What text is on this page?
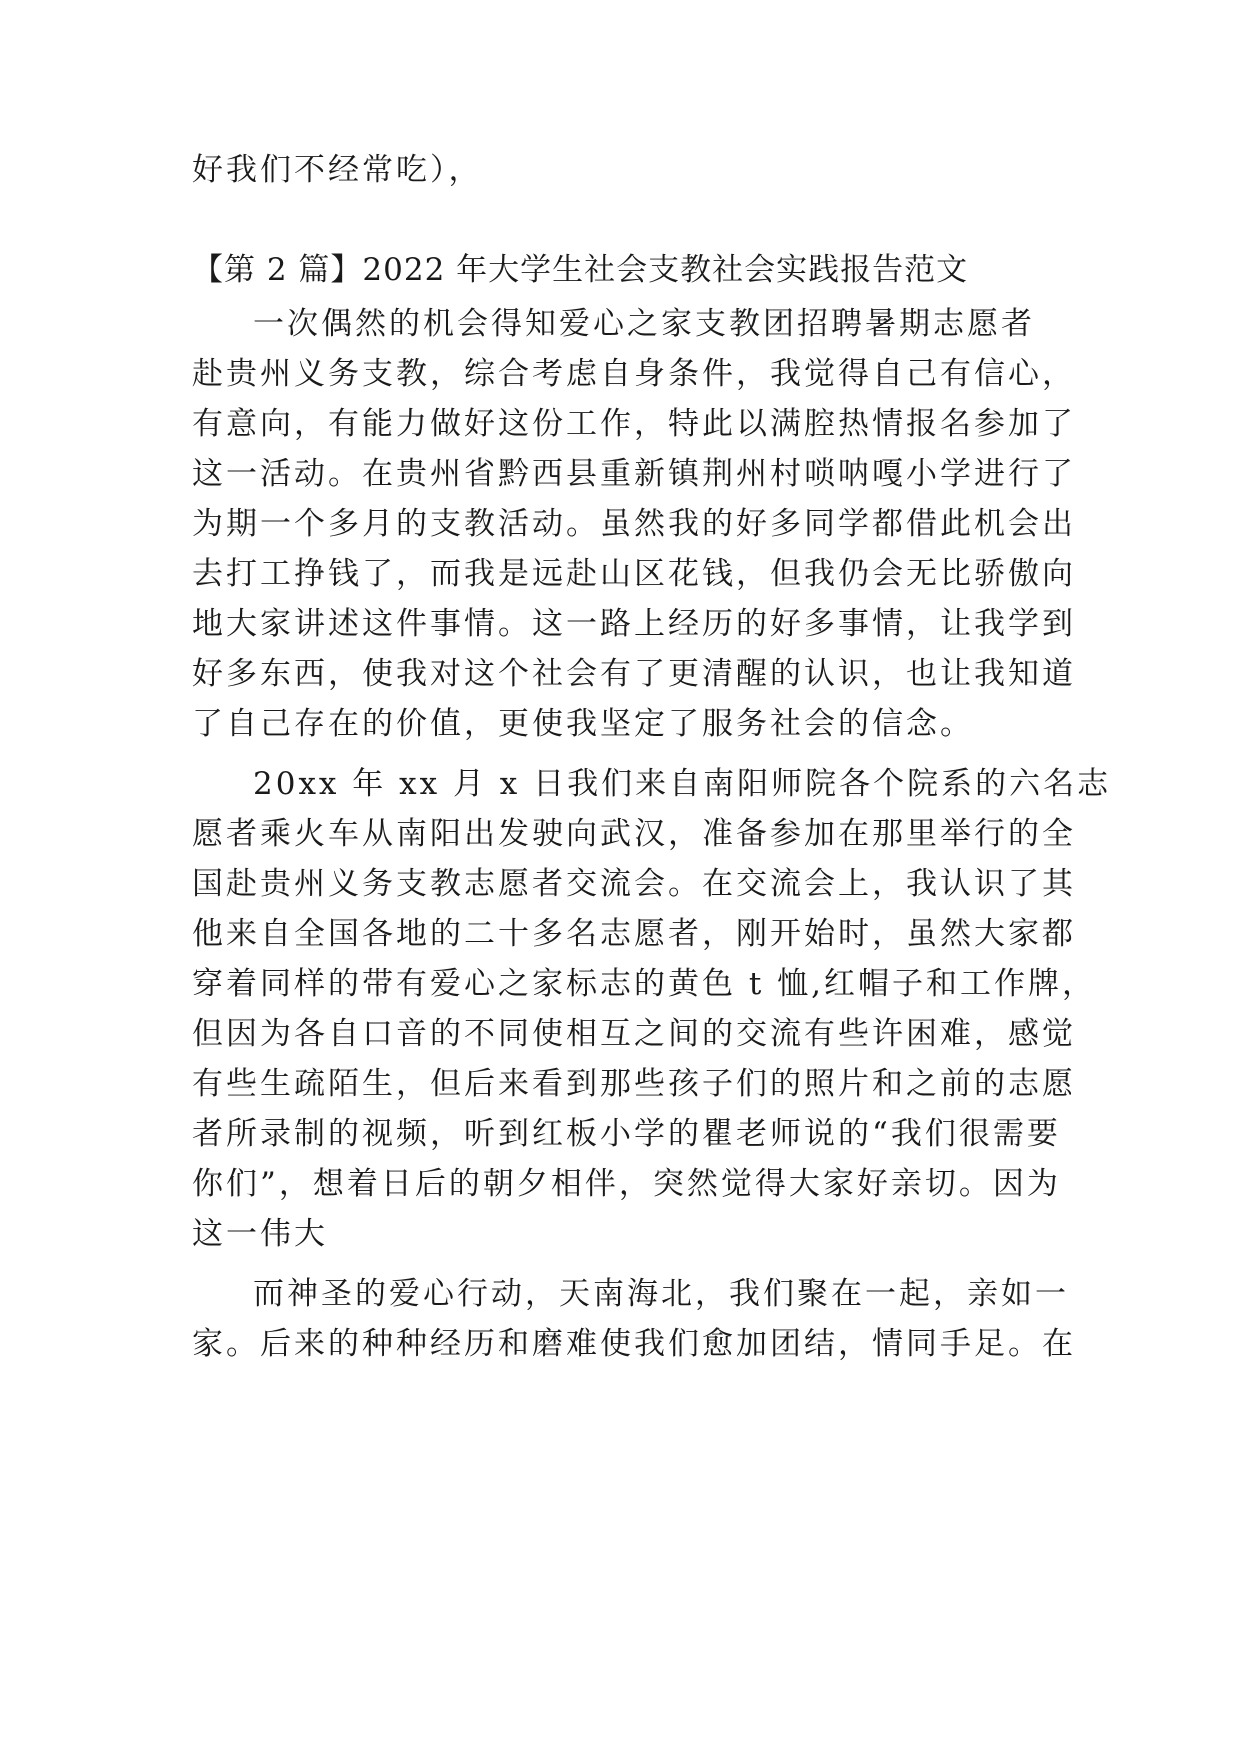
好我们不经常吃），
【第 2 篇】2022 年大学生社会支教社会实践报告范文
一次偶然的机会得知爱心之家支教团招聘暑期志愿者
赴贵州义务支教，综合考虑自身条件，我觉得自己有信心，
有意向，有能力做好这份工作，特此以满腔热情报名参加了
这一活动。在贵州省黔西县重新镇荆州村唢呐嘎小学进行了
为期一个多月的支教活动。虽然我的好多同学都借此机会出
去打工挣钱了，而我是远赴山区花钱，但我仍会无比骄傲向
地大家讲述这件事情。这一路上经历的好多事情，让我学到
好多东西，使我对这个社会有了更清醒的认识，也让我知道
了自己存在的价值，更使我坚定了服务社会的信念。
20xx 年 xx 月 x 日我们来自南阳师院各个院系的六名志
愿者乘火车从南阳出发驶向武汉，准备参加在那里举行的全
国赴贵州义务支教志愿者交流会。在交流会上，我认识了其
他来自全国各地的二十多名志愿者，刚开始时，虽然大家都
穿着同样的带有爱心之家标志的黄色 t 恤,红帽子和工作牌，
但因为各自口音的不同使相互之间的交流有些许困难，感觉
有些生疏陌生，但后来看到那些孩子们的照片和之前的志愿
者所录制的视频，听到红板小学的瞿老师说的“我们很需要
你们”，想着日后的朝夕相伴，突然觉得大家好亲切。因为
这一伟大
而神圣的爱心行动，天南海北，我们聚在一起，亲如一
家。后来的种种经历和磨难使我们愈加团结，情同手足。在
